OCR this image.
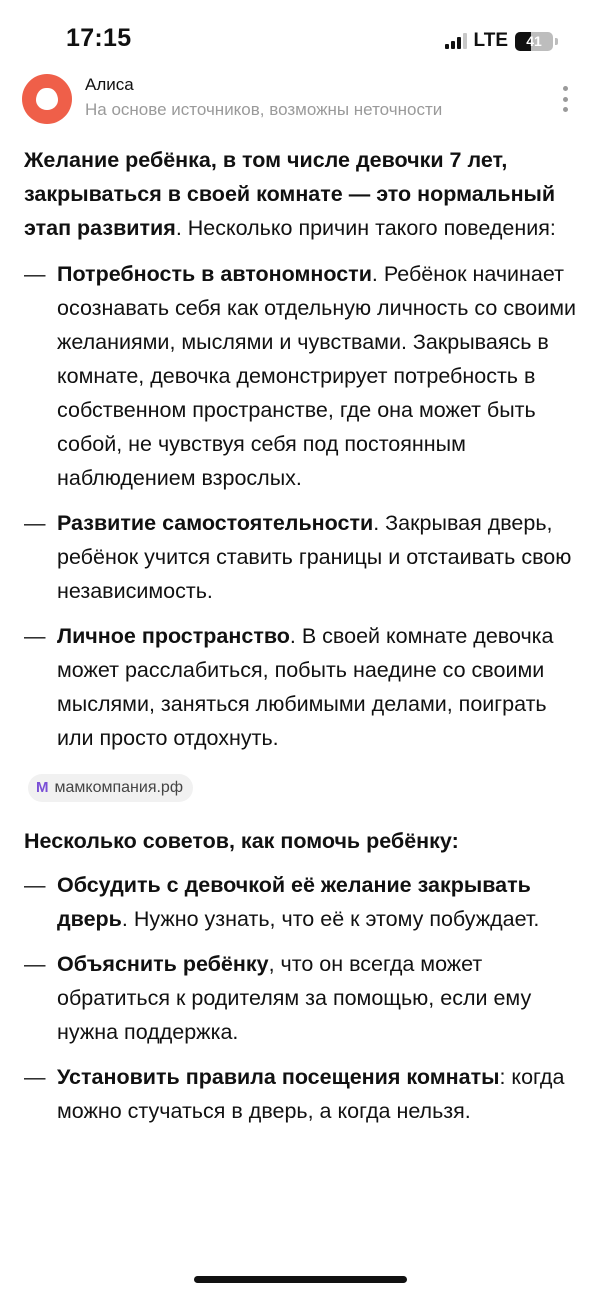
17:15	LTE	41
Алиса
На основе источников, возможны неточности

Желание ребёнка, в том числе девочки 7 лет, закрываться в своей комнате — это нормальный этап развития. Несколько причин такого поведения:

— Потребность в автономности. Ребёнок начинает осознавать себя как отдельную личность со своими желаниями, мыслями и чувствами. Закрываясь в комнате, девочка демонстрирует потребность в собственном пространстве, где она может быть собой, не чувствуя себя под постоянным наблюдением взрослых.
— Развитие самостоятельности. Закрывая дверь, ребёнок учится ставить границы и отстаивать свою независимость.
— Личное пространство. В своей комнате девочка может расслабиться, побыть наедине со своими мыслями, заняться любимыми делами, поиграть или просто отдохнуть.
M мамкомпания.рф
Несколько советов, как помочь ребёнку:
— Обсудить с девочкой её желание закрывать дверь. Нужно узнать, что её к этому побуждает.
— Объяснить ребёнку, что он всегда может обратиться к родителям за помощью, если ему нужна поддержка.
— Установить правила посещения комнаты: когда можно стучаться в дверь, а когда нельзя.
